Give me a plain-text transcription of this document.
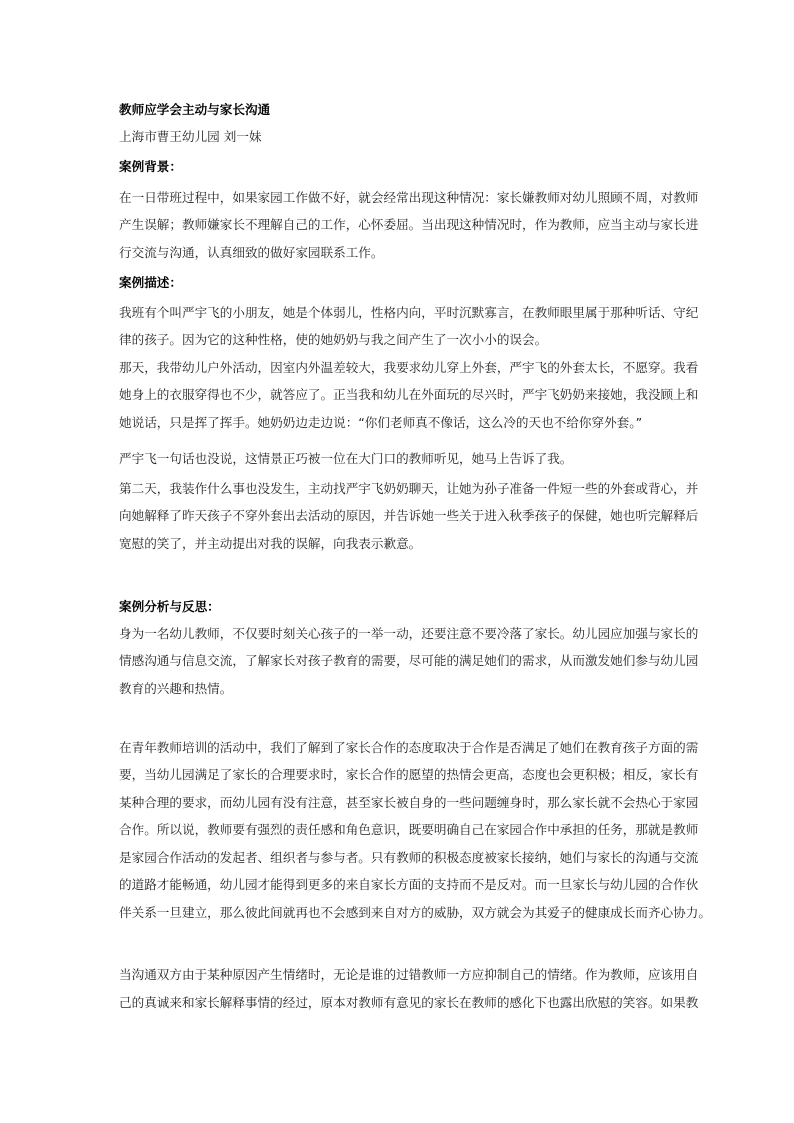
教师应学会主动与家长沟通
上海市曹王幼儿园 刘一妹
案例背景：
在一日带班过程中，如果家园工作做不好，就会经常出现这种情况：家长嫌教师对幼儿照顾不周，对教师
产生误解；教师嫌家长不理解自己的工作，心怀委屈。当出现这种情况时，作为教师，应当主动与家长进
行交流与沟通，认真细致的做好家园联系工作。
案例描述：
我班有个叫严宇飞的小朋友，她是个体弱儿，性格内向，平时沉默寡言，在教师眼里属于那种听话、守纪
律的孩子。因为它的这种性格，使的她奶奶与我之间产生了一次小小的误会。
那天，我带幼儿户外活动，因室内外温差较大，我要求幼儿穿上外套，严宇飞的外套太长，不愿穿。我看
她身上的衣服穿得也不少，就答应了。正当我和幼儿在外面玩的尽兴时，严宇飞奶奶来接她，我没顾上和
她说话，只是挥了挥手。她奶奶边走边说：“你们老师真不像话，这么冷的天也不给你穿外套。”
严宇飞一句话也没说，这情景正巧被一位在大门口的教师听见，她马上告诉了我。
第二天，我装作什么事也没发生，主动找严宇飞奶奶聊天，让她为孙子准备一件短一些的外套或背心，并
向她解释了昨天孩子不穿外套出去活动的原因，并告诉她一些关于进入秋季孩子的保健，她也听完解释后
宽慰的笑了，并主动提出对我的误解，向我表示歉意。
案例分析与反思：
身为一名幼儿教师，不仅要时刻关心孩子的一举一动，还要注意不要冷落了家长。幼儿园应加强与家长的
情感沟通与信息交流，了解家长对孩子教育的需要，尽可能的满足她们的需求，从而激发她们参与幼儿园
教育的兴趣和热情。
在青年教师培训的活动中，我们了解到了家长合作的态度取决于合作是否满足了她们在教育孩子方面的需
要，当幼儿园满足了家长的合理要求时，家长合作的愿望的热情会更高，态度也会更积极；相反，家长有
某种合理的要求，而幼儿园有没有注意，甚至家长被自身的一些问题缠身时，那么家长就不会热心于家园
合作。所以说，教师要有强烈的责任感和角色意识，既要明确自己在家园合作中承担的任务，那就是教师
是家园合作活动的发起者、组织者与参与者。只有教师的积极态度被家长接纳，她们与家长的沟通与交流
的道路才能畅通，幼儿园才能得到更多的来自家长方面的支持而不是反对。而一旦家长与幼儿园的合作伙
伴关系一旦建立，那么彼此间就再也不会感到来自对方的威胁，双方就会为其爱子的健康成长而齐心协力。
当沟通双方由于某种原因产生情绪时，无论是谁的过错教师一方应抑制自己的情绪。作为教师，应该用自
己的真诚来和家长解释事情的经过，原本对教师有意见的家长在教师的感化下也露出欣慰的笑容。如果教
